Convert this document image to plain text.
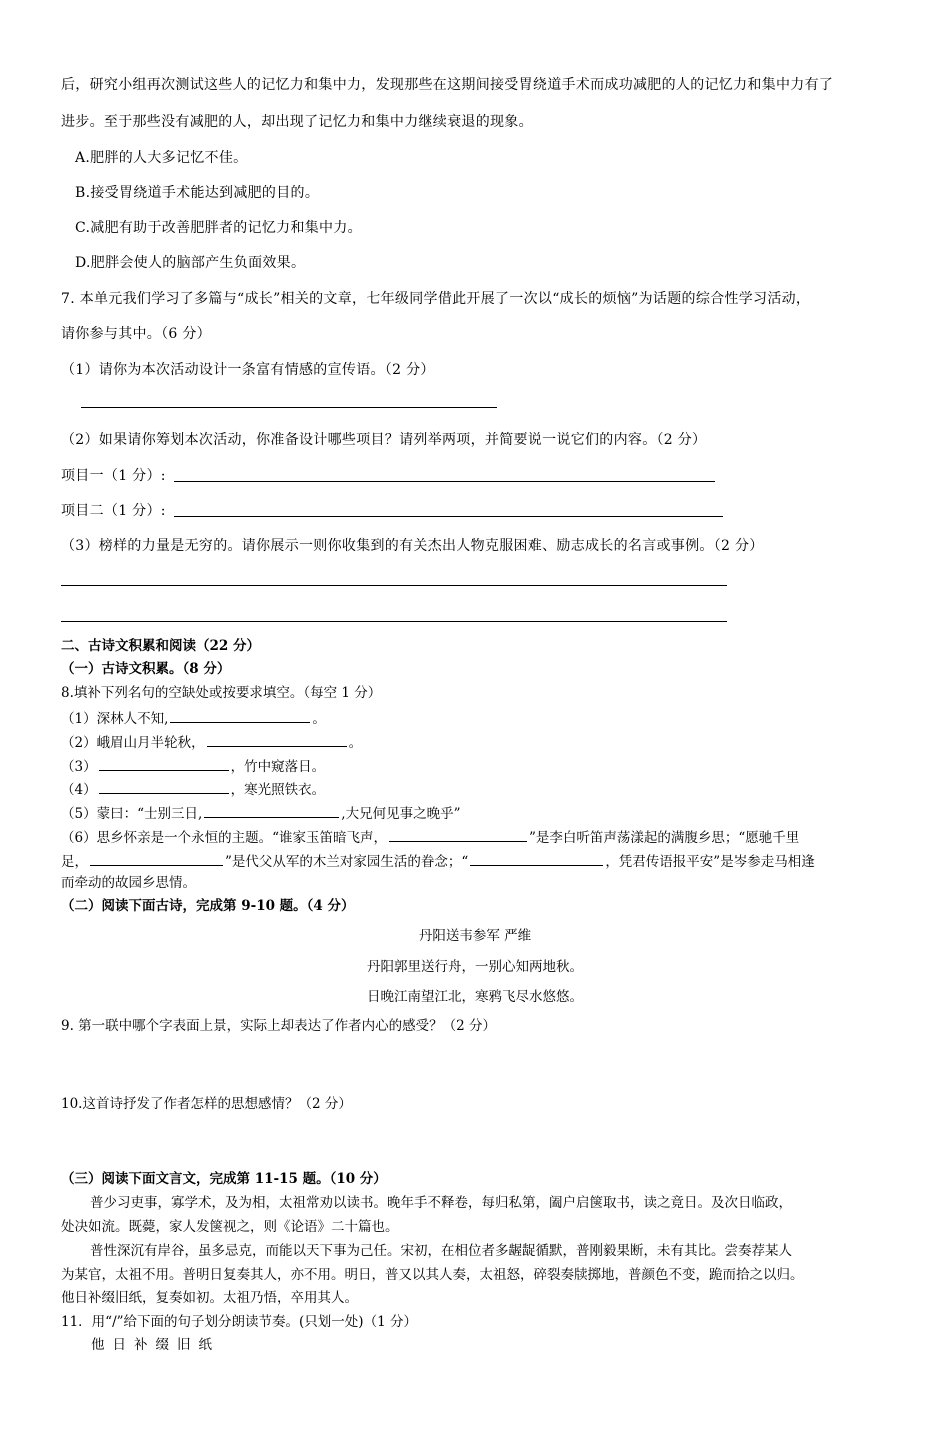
后，研究小组再次测试这些人的记忆力和集中力，发现那些在这期间接受胃绕道手术而成功减肥的人的记忆力和集中力有了
进步。至于那些没有减肥的人，却出现了记忆力和集中力继续衰退的现象。
A.肥胖的人大多记忆不佳。
B.接受胃绕道手术能达到减肥的目的。
C.减肥有助于改善肥胖者的记忆力和集中力。
D.肥胖会使人的脑部产生负面效果。
7. 本单元我们学习了多篇与“成长”相关的文章，七年级同学借此开展了一次以“成长的烦恼”为话题的综合性学习活动，
请你参与其中。（6 分）
（1）请你为本次活动设计一条富有情感的宣传语。（2 分）
（2）如果请你筹划本次活动，你准备设计哪些项目？请列举两项，并简要说一说它们的内容。（2 分）
项目一（1 分）:
项目二（1 分）:
（3）榜样的力量是无穷的。请你展示一则你收集到的有关杰出人物克服困难、励志成长的名言或事例。（2 分）
二、古诗文积累和阅读（22 分）
（一）古诗文积累。（8 分）
8.填补下列名句的空缺处或按要求填空。（每空 1 分）
（1）深林人不知,	。
（2）峨眉山月半轮秋，	。
（3）	，竹中窥落日。
（4）	，寒光照铁衣。
（5）蒙曰：“士别三日,	,大兄何见事之晚乎”
（6）思乡怀亲是一个永恒的主题。“谁家玉笛暗飞声，	”是李白听笛声荡漾起的满腹乡思；“愿驰千里
足，	”是代父从军的木兰对家园生活的眷念；“	，凭君传语报平安”是岑参走马相逢
而牵动的故园乡思情。
（二）阅读下面古诗，完成第 9-10 题。（4 分）
丹阳送韦参军 严维
丹阳郭里送行舟，一别心知两地秋。
日晚江南望江北，寒鸦飞尽水悠悠。
9. 第一联中哪个字表面上景，实际上却表达了作者内心的感受？（2 分）
10.这首诗抒发了作者怎样的思想感情？（2 分）
（三）阅读下面文言文，完成第 11-15 题。（10 分）
普少习吏事，寡学术，及为相，太祖常劝以读书。晚年手不释卷，每归私第，阖户启箧取书，读之竟日。及次日临政，
处决如流。既薨，家人发箧视之，则《论语》二十篇也。
普性深沉有岸谷，虽多忌克，而能以天下事为己任。宋初，在相位者多龌龊循默，普刚毅果断，未有其比。尝奏荐某人
为某官，太祖不用。普明日复奏其人，亦不用。明日，普又以其人奏，太祖怒，碎裂奏牍掷地，普颜色不变，跪而拾之以归。
他日补缀旧纸，复奏如初。太祖乃悟，卒用其人。
11．用“/”给下面的句子划分朗读节奏。(只划一处)（1 分）
他日补缀旧纸
